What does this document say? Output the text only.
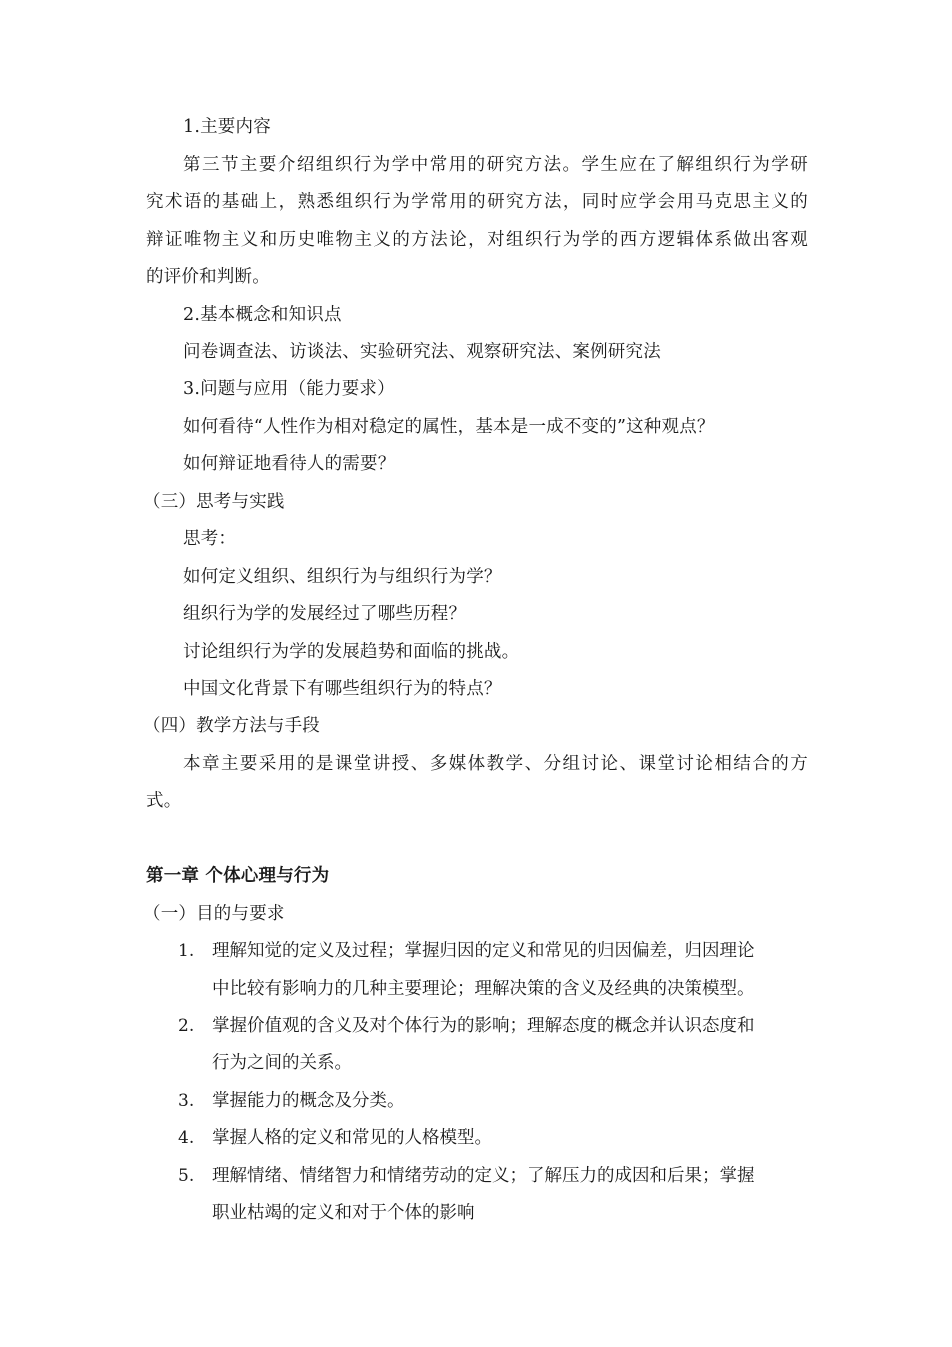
1.主要内容
第三节主要介绍组织行为学中常用的研究方法。学生应在了解组织行为学研
究术语的基础上，熟悉组织行为学常用的研究方法，同时应学会用马克思主义的
辩证唯物主义和历史唯物主义的方法论，对组织行为学的西方逻辑体系做出客观
的评价和判断。
2.基本概念和知识点
问卷调查法、访谈法、实验研究法、观察研究法、案例研究法
3.问题与应用（能力要求）
如何看待“人性作为相对稳定的属性，基本是一成不变的”这种观点？
如何辩证地看待人的需要？
（三）思考与实践
思考：
如何定义组织、组织行为与组织行为学？
组织行为学的发展经过了哪些历程？
讨论组织行为学的发展趋势和面临的挑战。
中国文化背景下有哪些组织行为的特点？
（四）教学方法与手段
本章主要采用的是课堂讲授、多媒体教学、分组讨论、课堂讨论相结合的方
式。
第一章 个体心理与行为
（一）目的与要求
1. 理解知觉的定义及过程；掌握归因的定义和常见的归因偏差，归因理论
中比较有影响力的几种主要理论；理解决策的含义及经典的决策模型。
2. 掌握价值观的含义及对个体行为的影响；理解态度的概念并认识态度和
行为之间的关系。
3. 掌握能力的概念及分类。
4. 掌握人格的定义和常见的人格模型。
5. 理解情绪、情绪智力和情绪劳动的定义；了解压力的成因和后果；掌握
职业枯竭的定义和对于个体的影响
